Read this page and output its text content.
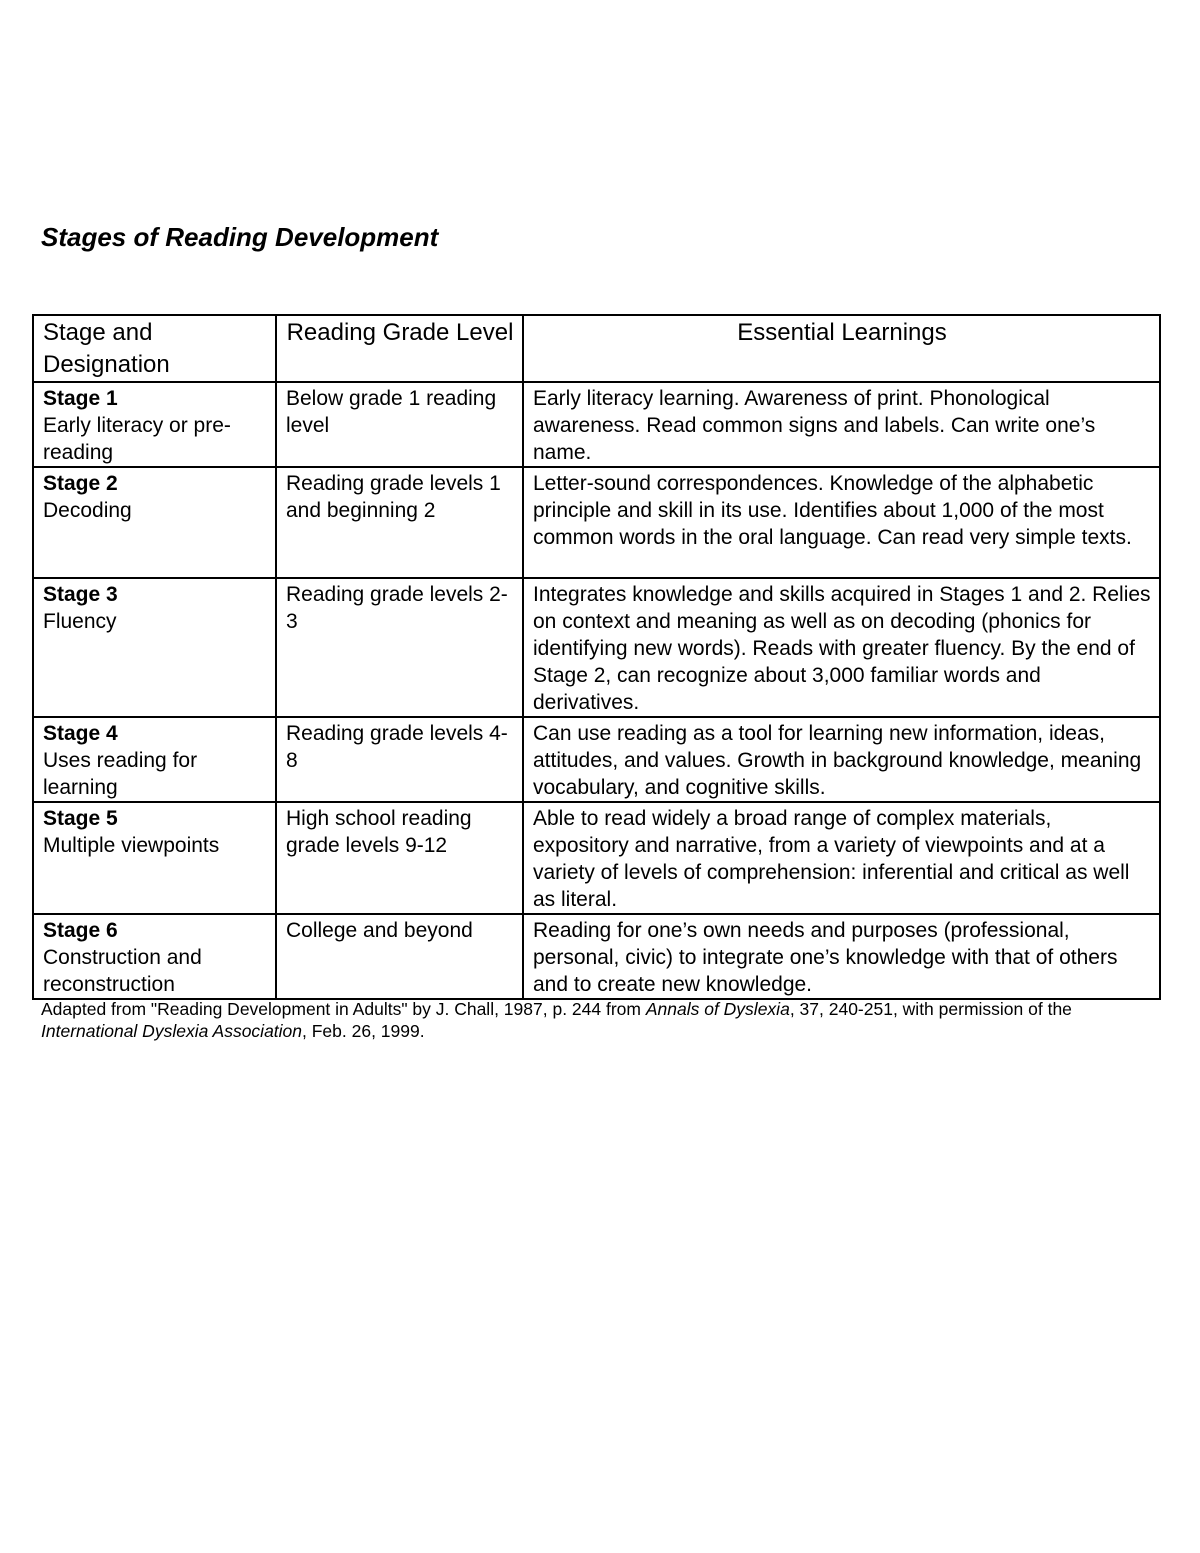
Stages of Reading Development
Stage and Designation	Reading Grade Level	Essential Learnings

Stage 1
Early literacy or pre-reading	Below grade 1 reading level	Early literacy learning. Awareness of print. Phonological awareness. Read common signs and labels. Can write one’s name.

Stage 2
Decoding	Reading grade levels 1 and beginning 2	Letter-sound correspondences. Knowledge of the alphabetic principle and skill in its use. Identifies about 1,000 of the most common words in the oral language. Can read very simple texts.

Stage 3
Fluency	Reading grade levels 2-3	Integrates knowledge and skills acquired in Stages 1 and 2. Relies on context and meaning as well as on decoding (phonics for identifying new words). Reads with greater fluency. By the end of Stage 2, can recognize about 3,000 familiar words and derivatives.

Stage 4
Uses reading for learning	Reading grade levels 4-8	Can use reading as a tool for learning new information, ideas, attitudes, and values. Growth in background knowledge, meaning vocabulary, and cognitive skills.

Stage 5
Multiple viewpoints	High school reading grade levels 9-12	Able to read widely a broad range of complex materials, expository and narrative, from a variety of viewpoints and at a variety of levels of comprehension: inferential and critical as well as literal.

Stage 6
Construction and reconstruction	College and beyond	Reading for one’s own needs and purposes (professional, personal, civic) to integrate one’s knowledge with that of others and to create new knowledge.

Adapted from "Reading Development in Adults" by J. Chall, 1987, p. 244 from Annals of Dyslexia, 37, 240-251, with permission of the International Dyslexia Association, Feb. 26, 1999.
